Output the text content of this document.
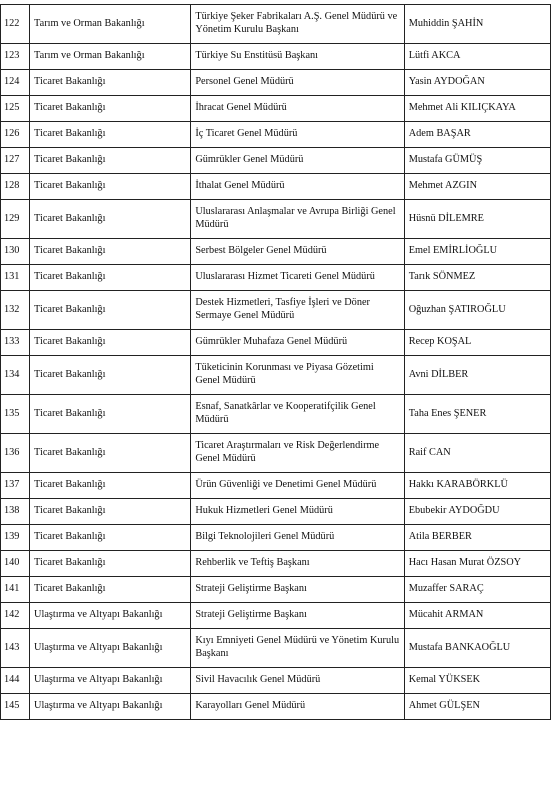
122	Tarım ve Orman Bakanlığı	Türkiye Şeker Fabrikaları A.Ş. Genel Müdürü ve Yönetim Kurulu Başkanı	Muhiddin ŞAHİN
123	Tarım ve Orman Bakanlığı	Türkiye Su Enstitüsü Başkanı	Lütfi AKCA
124	Ticaret Bakanlığı	Personel Genel Müdürü	Yasin AYDOĞAN
125	Ticaret Bakanlığı	İhracat Genel Müdürü	Mehmet Ali KILIÇKAYA
126	Ticaret Bakanlığı	İç Ticaret Genel Müdürü	Adem BAŞAR
127	Ticaret Bakanlığı	Gümrükler Genel Müdürü	Mustafa GÜMÜŞ
128	Ticaret Bakanlığı	İthalat Genel Müdürü	Mehmet AZGIN
129	Ticaret Bakanlığı	Uluslararası Anlaşmalar ve Avrupa Birliği Genel Müdürü	Hüsnü DİLEMRE
130	Ticaret Bakanlığı	Serbest Bölgeler Genel Müdürü	Emel EMİRLİOĞLU
131	Ticaret Bakanlığı	Uluslararası Hizmet Ticareti Genel Müdürü	Tarık SÖNMEZ
132	Ticaret Bakanlığı	Destek Hizmetleri, Tasfiye İşleri ve Döner Sermaye Genel Müdürü	Oğuzhan ŞATIROĞLU
133	Ticaret Bakanlığı	Gümrükler Muhafaza Genel Müdürü	Recep KOŞAL
134	Ticaret Bakanlığı	Tüketicinin Korunması ve Piyasa Gözetimi Genel Müdürü	Avni DİLBER
135	Ticaret Bakanlığı	Esnaf, Sanatkârlar ve Kooperatifçilik Genel Müdürü	Taha Enes ŞENER
136	Ticaret Bakanlığı	Ticaret Araştırmaları ve Risk Değerlendirme Genel Müdürü	Raif CAN
137	Ticaret Bakanlığı	Ürün Güvenliği ve Denetimi Genel Müdürü	Hakkı KARABÖRKLÜ
138	Ticaret Bakanlığı	Hukuk Hizmetleri Genel Müdürü	Ebubekir AYDOĞDU
139	Ticaret Bakanlığı	Bilgi Teknolojileri Genel Müdürü	Atila BERBER
140	Ticaret Bakanlığı	Rehberlik ve Teftiş Başkanı	Hacı Hasan Murat ÖZSOY
141	Ticaret Bakanlığı	Strateji Geliştirme Başkanı	Muzaffer SARAÇ
142	Ulaştırma ve Altyapı Bakanlığı	Strateji Geliştirme Başkanı	Mücahit ARMAN
143	Ulaştırma ve Altyapı Bakanlığı	Kıyı Emniyeti Genel Müdürü ve Yönetim Kurulu Başkanı	Mustafa BANKAOĞLU
144	Ulaştırma ve Altyapı Bakanlığı	Sivil Havacılık Genel Müdürü	Kemal YÜKSEK
145	Ulaştırma ve Altyapı Bakanlığı	Karayolları Genel Müdürü	Ahmet GÜLŞEN
